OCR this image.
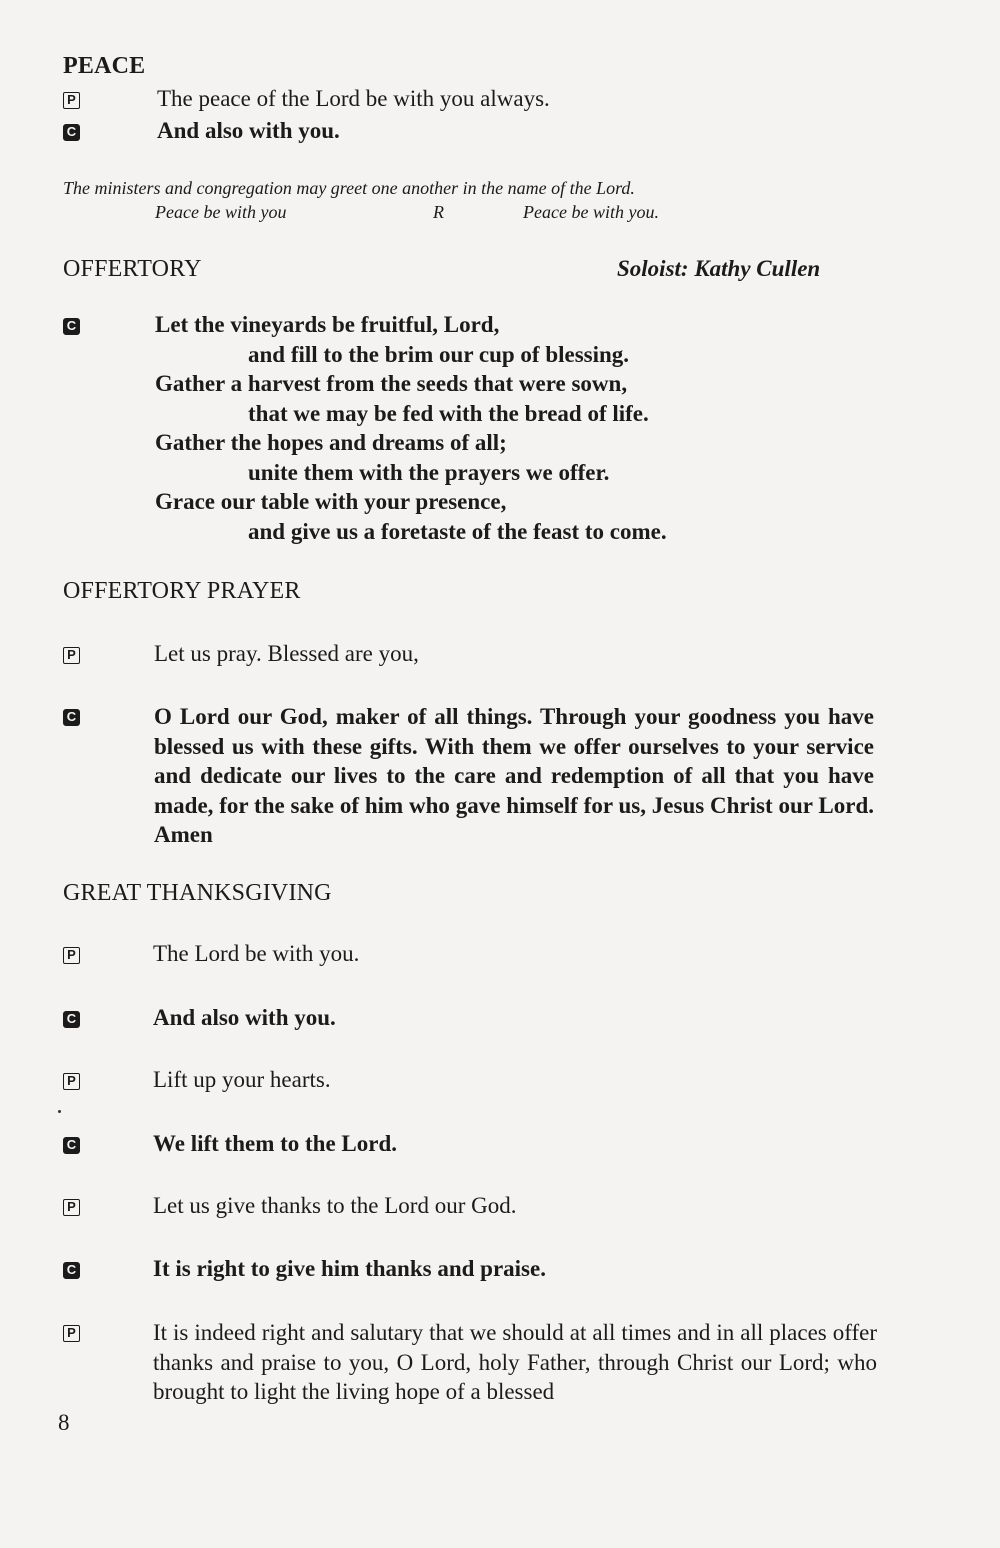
PEACE
P	The peace of the Lord be with you always.
C	And also with you.
The ministers and congregation may greet one another in the name of the Lord.
Peace be with you	R	Peace be with you.
OFFERTORY	Soloist: Kathy Cullen
C	Let the vineyards be fruitful, Lord,
and fill to the brim our cup of blessing.
Gather a harvest from the seeds that were sown,
that we may be fed with the bread of life.
Gather the hopes and dreams of all;
unite them with the prayers we offer.
Grace our table with your presence,
and give us a foretaste of the feast to come.
OFFERTORY PRAYER
P	Let us pray. Blessed are you,
C	O Lord our God, maker of all things. Through your goodness you have blessed us with these gifts. With them we offer ourselves to your service and dedicate our lives to the care and redemption of all that you have made, for the sake of him who gave himself for us, Jesus Christ our Lord. Amen
GREAT THANKSGIVING
P	The Lord be with you.
C	And also with you.
P	Lift up your hearts.
C	We lift them to the Lord.
P	Let us give thanks to the Lord our God.
C	It is right to give him thanks and praise.
P	It is indeed right and salutary that we should at all times and in all places offer thanks and praise to you, O Lord, holy Father, through Christ our Lord; who brought to light the living hope of a blessed
8
